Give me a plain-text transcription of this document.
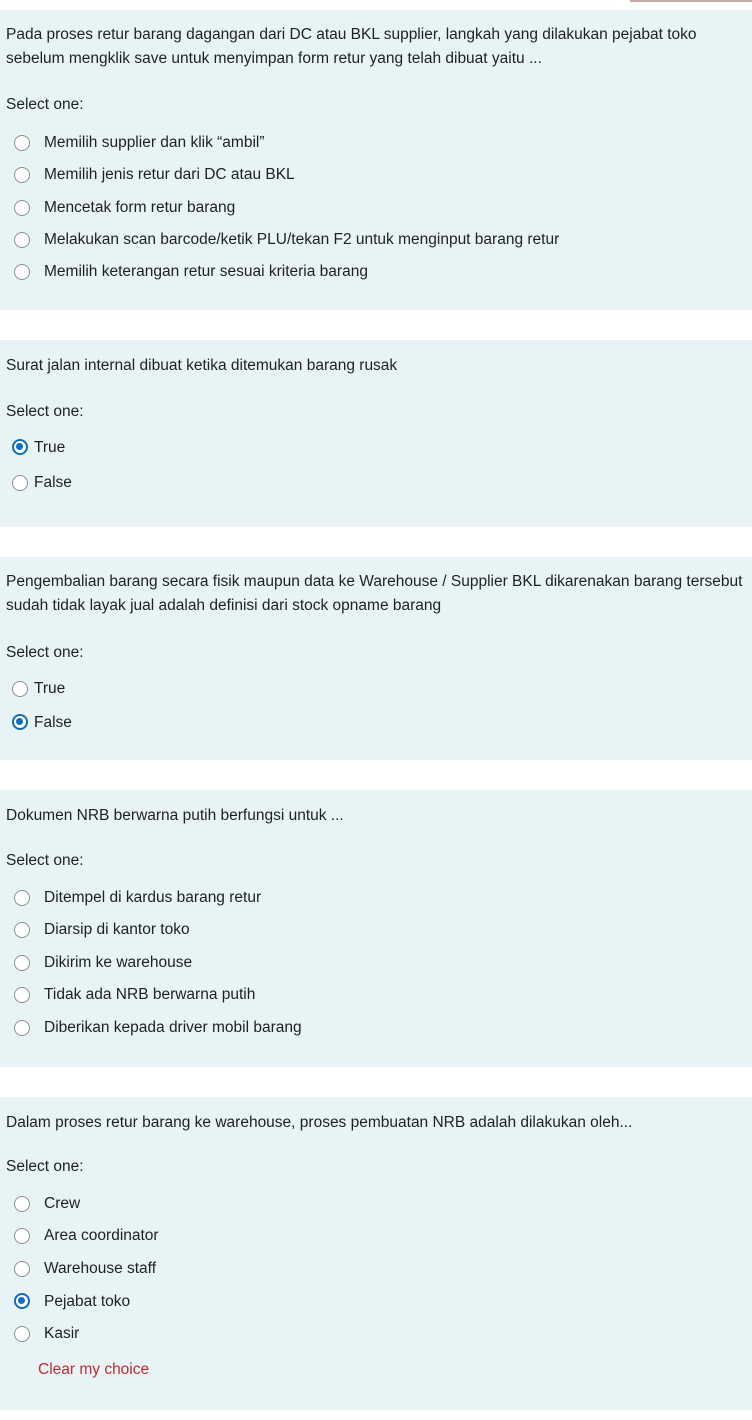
Pada proses retur barang dagangan dari DC atau BKL supplier, langkah yang dilakukan pejabat toko sebelum mengklik save untuk menyimpan form retur yang telah dibuat yaitu ...

Select one:
Memilih supplier dan klik “ambil”
Memilih jenis retur dari DC atau BKL
Mencetak form retur barang
Melakukan scan barcode/ketik PLU/tekan F2 untuk menginput barang retur
Memilih keterangan retur sesuai kriteria barang

Surat jalan internal dibuat ketika ditemukan barang rusak

Select one:
True
False

Pengembalian barang secara fisik maupun data ke Warehouse / Supplier BKL dikarenakan barang tersebut sudah tidak layak jual adalah definisi dari stock opname barang

Select one:
True
False

Dokumen NRB berwarna putih berfungsi untuk ...

Select one:
Ditempel di kardus barang retur
Diarsip di kantor toko
Dikirim ke warehouse
Tidak ada NRB berwarna putih
Diberikan kepada driver mobil barang

Dalam proses retur barang ke warehouse, proses pembuatan NRB adalah dilakukan oleh...

Select one:
Crew
Area coordinator
Warehouse staff
Pejabat toko
Kasir
Clear my choice
